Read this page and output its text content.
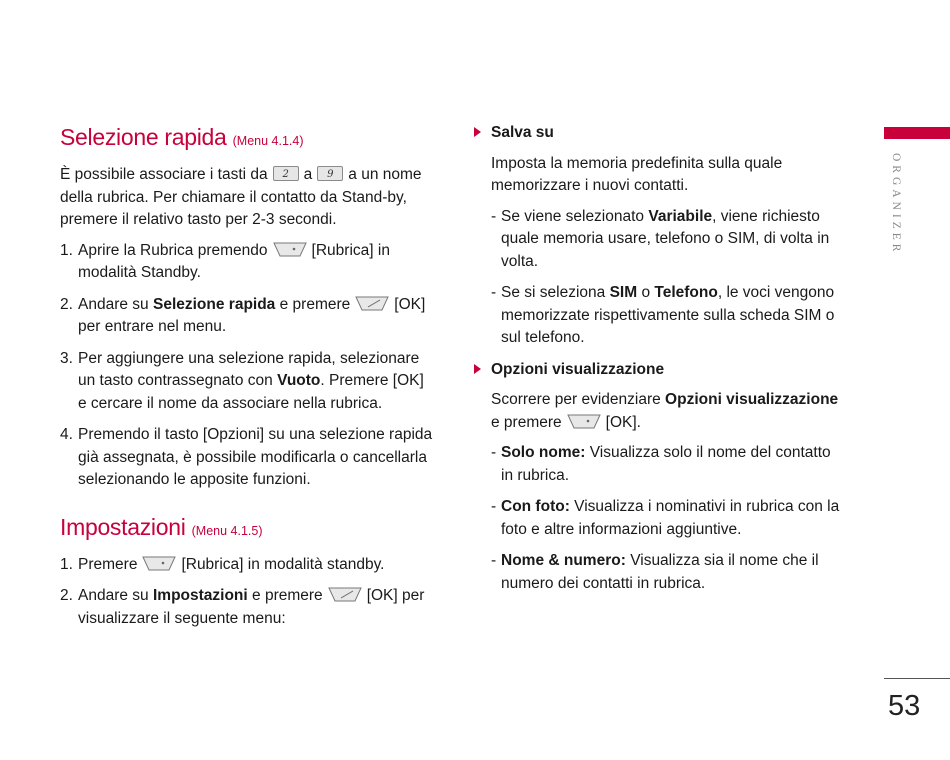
Selezione rapida (Menu 4.1.4)

È possibile associare i tasti da 2 a 9 a un nome della rubrica. Per chiamare il contatto da Stand-by, premere il relativo tasto per 2-3 secondi.

1. Aprire la Rubrica premendo	[Rubrica] in modalità Standby.
2. Andare su Selezione rapida e premere	[OK] per entrare nel menu.
3. Per aggiungere una selezione rapida, selezionare un tasto contrassegnato con Vuoto. Premere [OK] e cercare il nome da associare nella rubrica.
4. Premendo il tasto [Opzioni] su una selezione rapida già assegnata, è possibile modificarla o cancellarla selezionando le apposite funzioni.
Impostazioni (Menu 4.1.5)
1. Premere	[Rubrica] in modalità standby.
2. Andare su Impostazioni e premere	[OK] per visualizzare il seguente menu:
Salva su

Imposta la memoria predefinita sulla quale memorizzare i nuovi contatti.

- Se viene selezionato Variabile, viene richiesto quale memoria usare, telefono o SIM, di volta in volta.
- Se si seleziona SIM o Telefono, le voci vengono memorizzate rispettivamente sulla scheda SIM o sul telefono.
Opzioni visualizzazione

Scorrere per evidenziare Opzioni visualizzazione e premere	[OK].

- Solo nome: Visualizza solo il nome del contatto in rubrica.
- Con foto: Visualizza i nominativi in rubrica con la foto e altre informazioni aggiuntive.
- Nome & numero: Visualizza sia il nome che il numero dei contatti in rubrica.
ORGANIZER
53
